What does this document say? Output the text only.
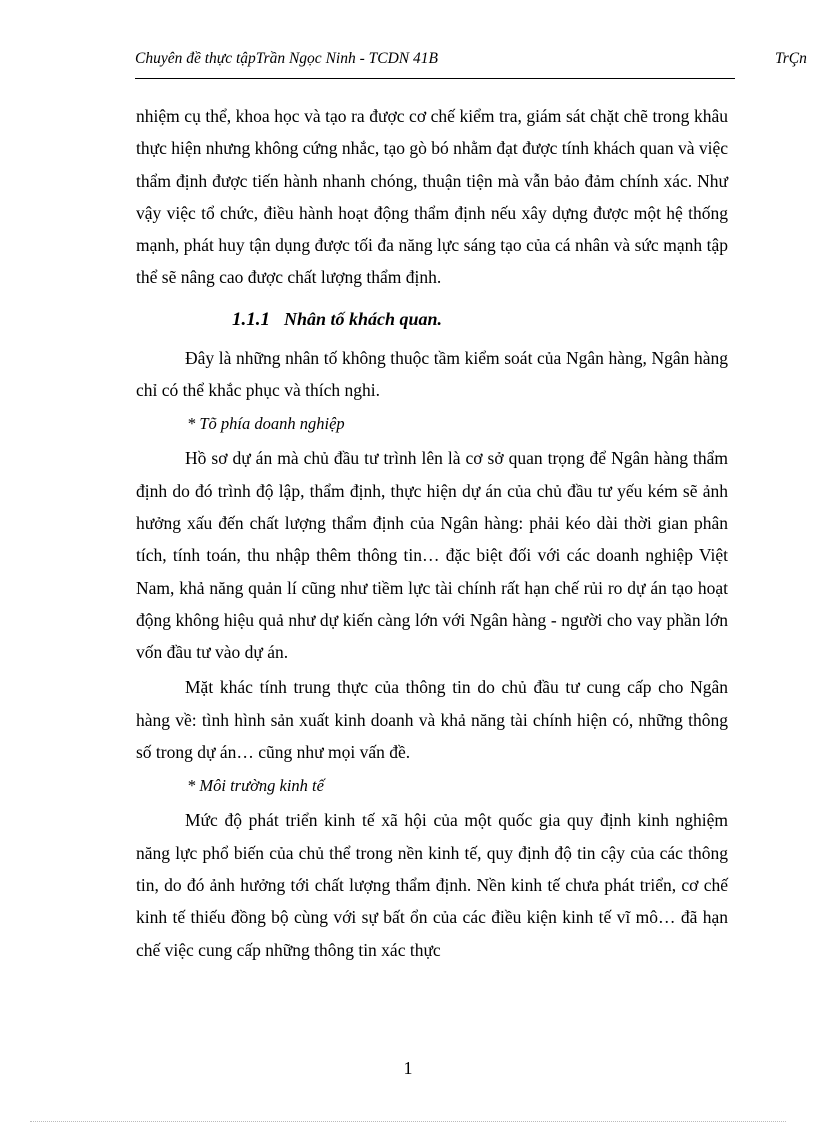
Chuyên đề thực tậpTrần Ngọc Ninh - TCDN 41B	TrÇn

nhiệm cụ thể, khoa học và tạo ra được cơ chế kiểm tra, giám sát chặt chẽ trong khâu thực hiện nhưng không cứng nhắc, tạo gò bó nhằm đạt được tính khách quan và việc thẩm định được tiến hành nhanh chóng, thuận tiện mà vẫn bảo đảm chính xác. Như vậy việc tổ chức, điều hành hoạt động thẩm định nếu xây dựng được một hệ thống mạnh, phát huy tận dụng được tối đa năng lực sáng tạo của cá nhân và sức mạnh tập thể sẽ nâng cao được chất lượng thẩm định.

1.1.1 Nhân tố khách quan.

Đây là những nhân tố không thuộc tầm kiểm soát của Ngân hàng, Ngân hàng chỉ có thể khắc phục và thích nghi.

* Tõ phía doanh nghiệp

Hồ sơ dự án mà chủ đầu tư trình lên là cơ sở quan trọng để Ngân hàng thẩm định do đó trình độ lập, thẩm định, thực hiện dự án của chủ đầu tư yếu kém sẽ ảnh hưởng xấu đến chất lượng thẩm định của Ngân hàng: phải kéo dài thời gian phân tích, tính toán, thu nhập thêm thông tin… đặc biệt đối với các doanh nghiệp Việt Nam, khả năng quản lí cũng như tiềm lực tài chính rất hạn chế rủi ro dự án tạo hoạt động không hiệu quả như dự kiến càng lớn với Ngân hàng - người cho vay phần lớn vốn đầu tư vào dự án.

Mặt khác tính trung thực của thông tin do chủ đầu tư cung cấp cho Ngân hàng về: tình hình sản xuất kinh doanh và khả năng tài chính hiện có, những thông số trong dự án… cũng như mọi vấn đề.

* Môi trường kinh tế

Mức độ phát triển kinh tế xã hội của một quốc gia quy định kinh nghiệm năng lực phổ biến của chủ thể trong nền kinh tế, quy định độ tin cậy của các thông tin, do đó ảnh hưởng tới chất lượng thẩm định. Nền kinh tế chưa phát triển, cơ chế kinh tế thiếu đồng bộ cùng với sự bất ổn của các điều kiện kinh tế vĩ mô… đã hạn chế việc cung cấp những thông tin xác thực

1
